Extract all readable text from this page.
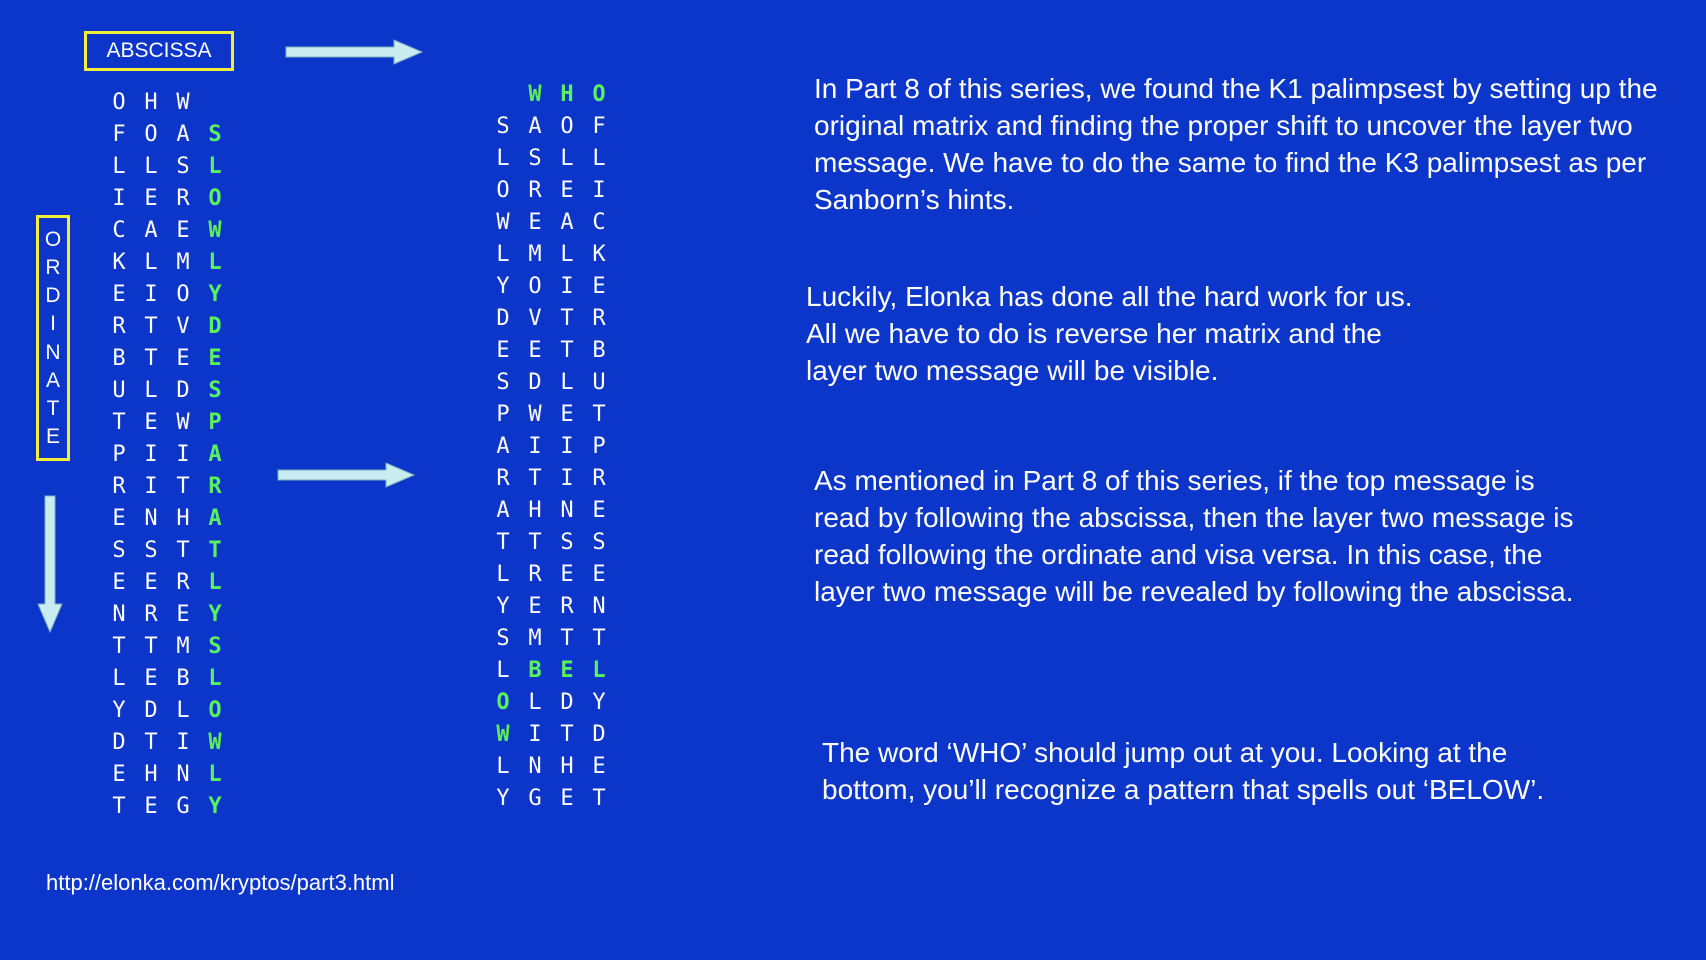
ABSCISSA
O
R
D
I
N
A
T
E
O H W
F O A S
L L S L
I E R O
C A E W
K L M L
E I O Y
R T V D
B T E E
U L D S
T E W P
P I I A
R I T R
E N H A
S S T T
E E R L
N R E Y
T T M S
L E B L
Y D L O
D T I W
E H N L
T E G Y
W H O
S A O F
L S L L
O R E I
W E A C
L M L K
Y O I E
D V T R
E E T B
S D L U
P W E T
A I I P
R T I R
A H N E
T T S S
L R E E
Y E R N
S M T T
L B E L
O L D Y
W I T D
L N H E
Y G E T

In Part 8 of this series, we found the K1 palimpsest by setting up the original matrix and finding the proper shift to uncover the layer two message. We have to do the same to find the K3 palimpsest as per Sanborn’s hints.

Luckily, Elonka has done all the hard work for us. All we have to do is reverse her matrix and the layer two message will be visible.

As mentioned in Part 8 of this series, if the top message is read by following the abscissa, then the layer two message is read following the ordinate and visa versa. In this case, the layer two message will be revealed by following the abscissa.

The word ‘WHO’ should jump out at you. Looking at the bottom, you’ll recognize a pattern that spells out ‘BELOW’.

http://elonka.com/kryptos/part3.html
